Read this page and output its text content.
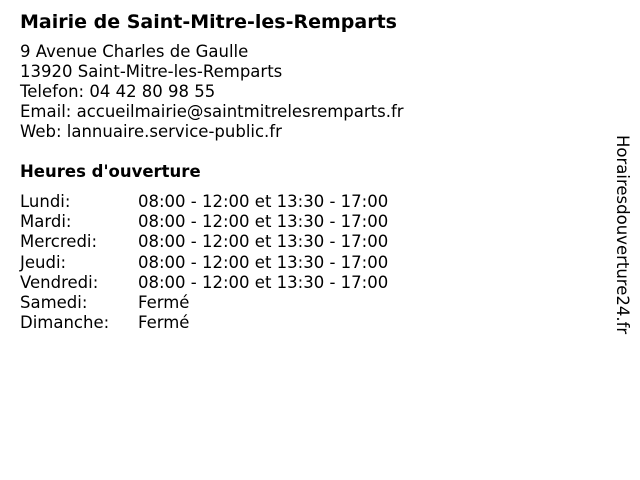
Mairie de Saint-Mitre-les-Remparts
9 Avenue Charles de Gaulle
13920 Saint-Mitre-les-Remparts
Telefon: 04 42 80 98 55
Email: accueilmairie@saintmitrelesremparts.fr
Web: lannuaire.service-public.fr
Heures d'ouverture
Lundi:	08:00 - 12:00 et 13:30 - 17:00
Mardi:	08:00 - 12:00 et 13:30 - 17:00
Mercredi:	08:00 - 12:00 et 13:30 - 17:00
Jeudi:	08:00 - 12:00 et 13:30 - 17:00
Vendredi:	08:00 - 12:00 et 13:30 - 17:00
Samedi:	Fermé
Dimanche:	Fermé	Horairesdouverture24.fr
